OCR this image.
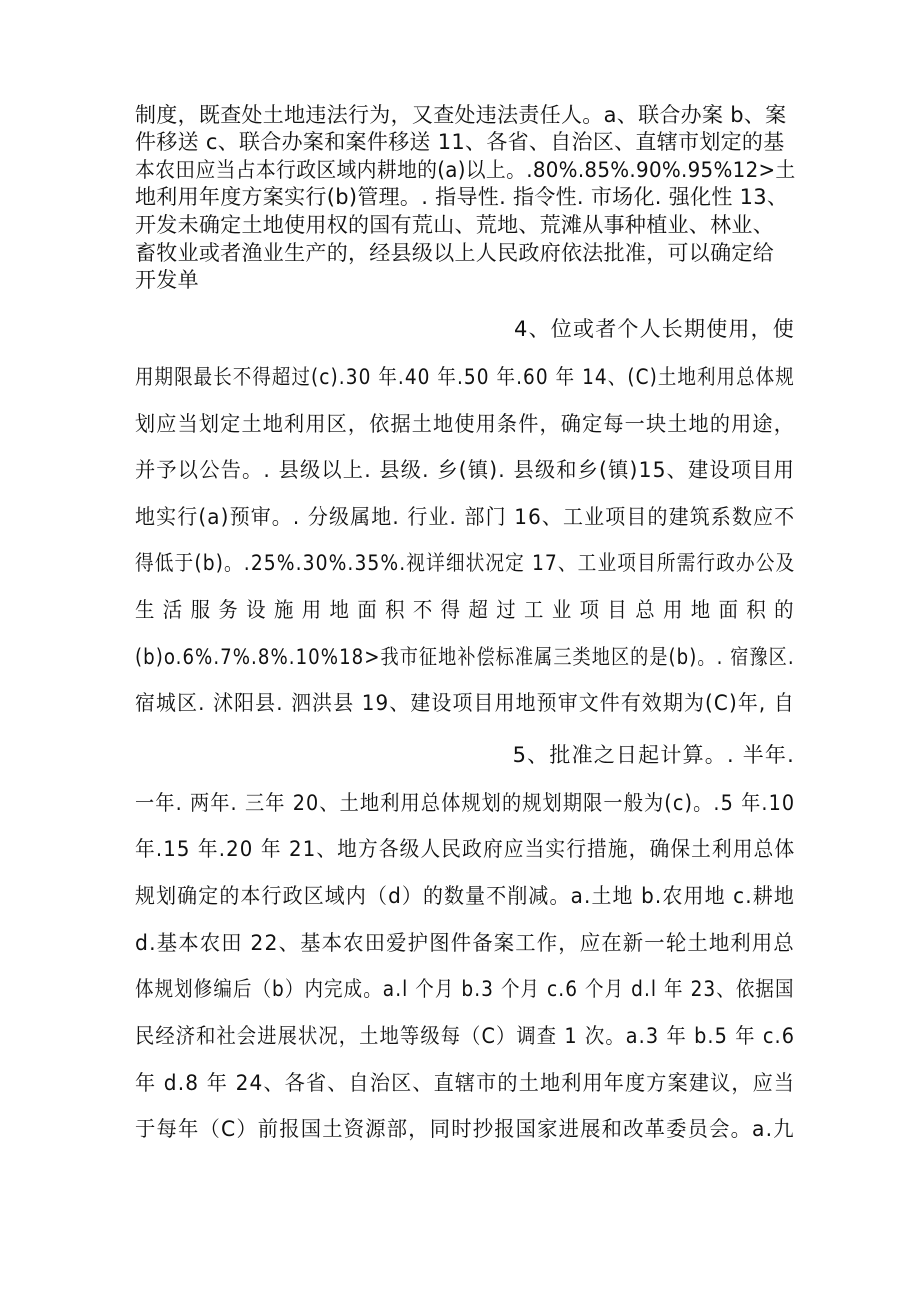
制度，既查处土地违法行为，又查处违法责任人。a、联合办案 b、案
件移送 c、联合办案和案件移送 11、各省、自治区、直辖市划定的基
本农田应当占本行政区域内耕地的(a)以上。.80%.85%.90%.95%12>土
地利用年度方案实行(b)管理。. 指导性. 指令性. 市场化. 强化性 13、
开发未确定土地使用权的国有荒山、荒地、荒滩从事种植业、林业、
畜牧业或者渔业生产的，经县级以上人民政府依法批准，可以确定给
开发单
4、位或者个人长期使用，使
用期限最长不得超过(c).30 年.40 年.50 年.60 年 14、(C)土地利用总体规
划应当划定土地利用区，依据土地使用条件，确定每一块土地的用途，
并予以公告。. 县级以上. 县级. 乡(镇). 县级和乡(镇)15、建设项目用
地实行(a)预审。. 分级属地. 行业. 部门 16、工业项目的建筑系数应不
得低于(b)。.25%.30%.35%.视详细状况定 17、工业项目所需行政办公及
生 活 服 务 设 施 用 地 面 积 不 得 超 过 工 业 项 目 总 用 地 面 积 的
(b)o.6%.7%.8%.10%18>我市征地补偿标准属三类地区的是(b)。. 宿豫区.
宿城区. 沭阳县. 泗洪县 19、建设项目用地预审文件有效期为(C)年, 自
5、批准之日起计算。. 半年.
一年. 两年. 三年 20、土地利用总体规划的规划期限一般为(c)。.5 年.10
年.15 年.20 年 21、地方各级人民政府应当实行措施，确保土利用总体
规划确定的本行政区域内（d）的数量不削减。a.土地 b.农用地 c.耕地
d.基本农田 22、基本农田爱护图件备案工作，应在新一轮土地利用总
体规划修编后（b）内完成。a.l 个月 b.3 个月 c.6 个月 d.l 年 23、依据国
民经济和社会进展状况，土地等级每（C）调查 1 次。a.3 年 b.5 年 c.6
年 d.8 年 24、各省、自治区、直辖市的土地利用年度方案建议，应当
于每年（C）前报国土资源部，同时抄报国家进展和改革委员会。a.九
